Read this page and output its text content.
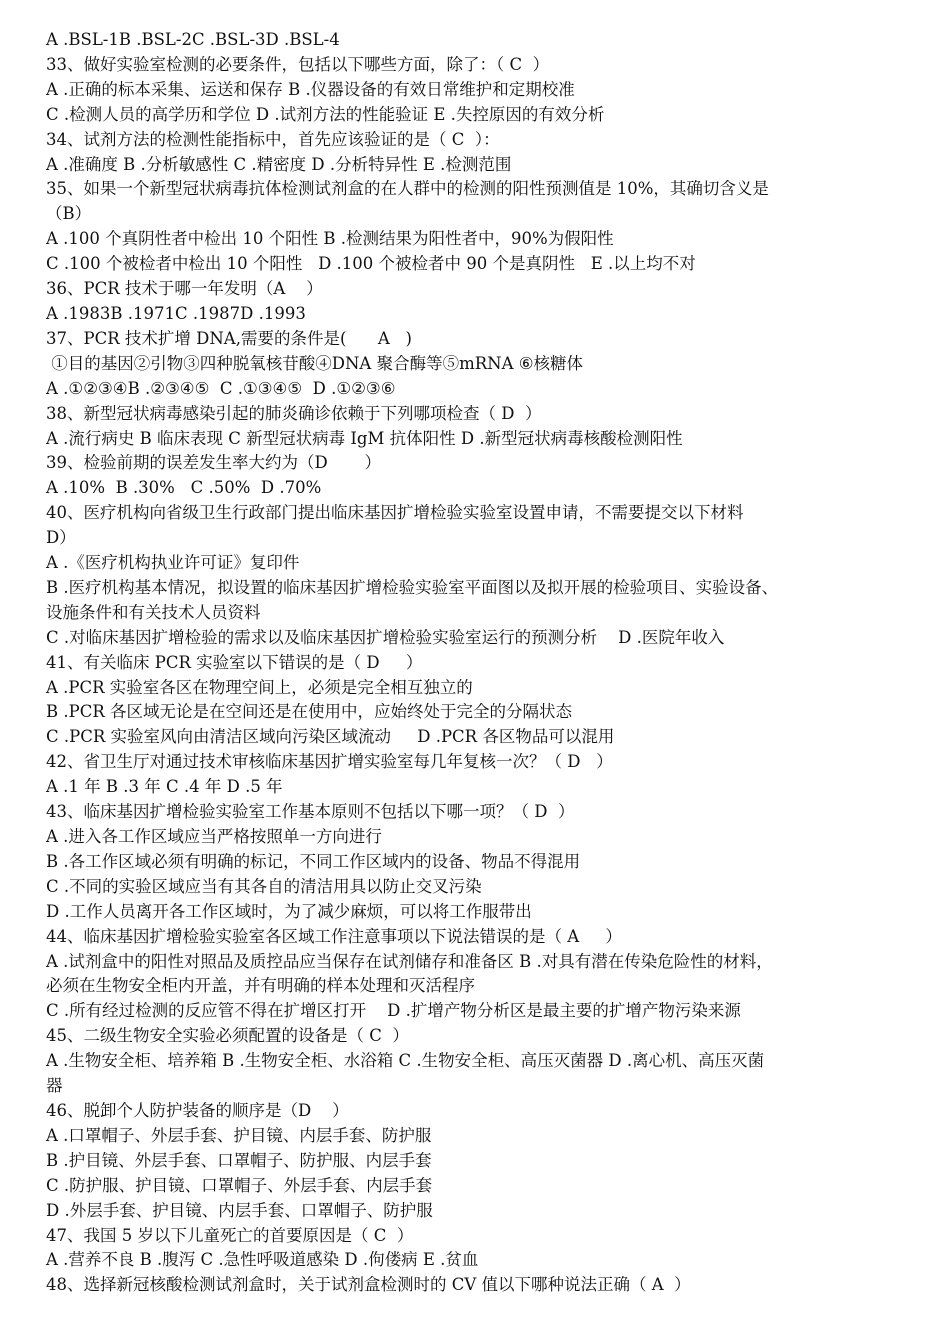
A .BSL-1B .BSL-2C .BSL-3D .BSL-4

33、做好实验室检测的必要条件，包括以下哪些方面，除了：（ C  ）

A .正确的标本采集、运送和保存 B .仪器设备的有效日常维护和定期校准

C .检测人员的高学历和学位 D .试剂方法的性能验证 E .失控原因的有效分析

34、试剂方法的检测性能指标中，首先应该验证的是（ C  ）：

A .准确度 B .分析敏感性 C .精密度 D .分析特异性 E .检测范围

35、如果一个新型冠状病毒抗体检测试剂盒的在人群中的检测的阳性预测值是 10%，其确切含义是

（B）

A .100 个真阴性者中检出 10 个阳性 B .检测结果为阳性者中，90%为假阳性

C .100 个被检者中检出 10 个阳性   D .100 个被检者中 90 个是真阴性   E .以上均不对

36、PCR 技术于哪一年发明（A    ）

A .1983B .1971C .1987D .1993

37、PCR 技术扩增 DNA,需要的条件是(      A   )

①目的基因②引物③四种脱氧核苷酸④DNA 聚合酶等⑤mRNA ⑥核糖体

A .①②③④B .②③④⑤  C .①③④⑤  D .①②③⑥

38、新型冠状病毒感染引起的肺炎确诊依赖于下列哪项检查（ D  ）

A .流行病史 B 临床表现 C 新型冠状病毒 IgM 抗体阳性 D .新型冠状病毒核酸检测阳性

39、检验前期的误差发生率大约为（D       ）

A .10%  B .30%   C .50%  D .70%

40、医疗机构向省级卫生行政部门提出临床基因扩增检验实验室设置申请，不需要提交以下材料

D）

A .《医疗机构执业许可证》复印件

B .医疗机构基本情况，拟设置的临床基因扩增检验实验室平面图以及拟开展的检验项目、实验设备、

设施条件和有关技术人员资料

C .对临床基因扩增检验的需求以及临床基因扩增检验实验室运行的预测分析    D .医院年收入

41、有关临床 PCR 实验室以下错误的是（ D     ）

A .PCR 实验室各区在物理空间上，必须是完全相互独立的

B .PCR 各区域无论是在空间还是在使用中，应始终处于完全的分隔状态

C .PCR 实验室风向由清洁区域向污染区域流动     D .PCR 各区物品可以混用

42、省卫生厅对通过技术审核临床基因扩增实验室每几年复核一次？（ D   ）

A .1 年 B .3 年 C .4 年 D .5 年

43、临床基因扩增检验实验室工作基本原则不包括以下哪一项？（ D  ）

A .进入各工作区域应当严格按照单一方向进行

B .各工作区域必须有明确的标记，不同工作区域内的设备、物品不得混用

C .不同的实验区域应当有其各自的清洁用具以防止交叉污染

D .工作人员离开各工作区域时，为了减少麻烦，可以将工作服带出

44、临床基因扩增检验实验室各区域工作注意事项以下说法错误的是（ A     ）

A .试剂盒中的阳性对照品及质控品应当保存在试剂储存和准备区 B .对具有潜在传染危险性的材料，

必须在生物安全柜内开盖，并有明确的样本处理和灭活程序

C .所有经过检测的反应管不得在扩增区打开    D .扩增产物分析区是最主要的扩增产物污染来源

45、二级生物安全实验必须配置的设备是（ C  ）

A .生物安全柜、培养箱 B .生物安全柜、水浴箱 C .生物安全柜、高压灭菌器 D .离心机、高压灭菌

器

46、脱卸个人防护装备的顺序是（D    ）

A .口罩帽子、外层手套、护目镜、内层手套、防护服

B .护目镜、外层手套、口罩帽子、防护服、内层手套

C .防护服、护目镜、口罩帽子、外层手套、内层手套

D .外层手套、护目镜、内层手套、口罩帽子、防护服

47、我国 5 岁以下儿童死亡的首要原因是（ C  ）

A .营养不良 B .腹泻 C .急性呼吸道感染 D .佝偻病 E .贫血

48、选择新冠核酸检测试剂盒时，关于试剂盒检测时的 CV 值以下哪种说法正确（ A  ）
